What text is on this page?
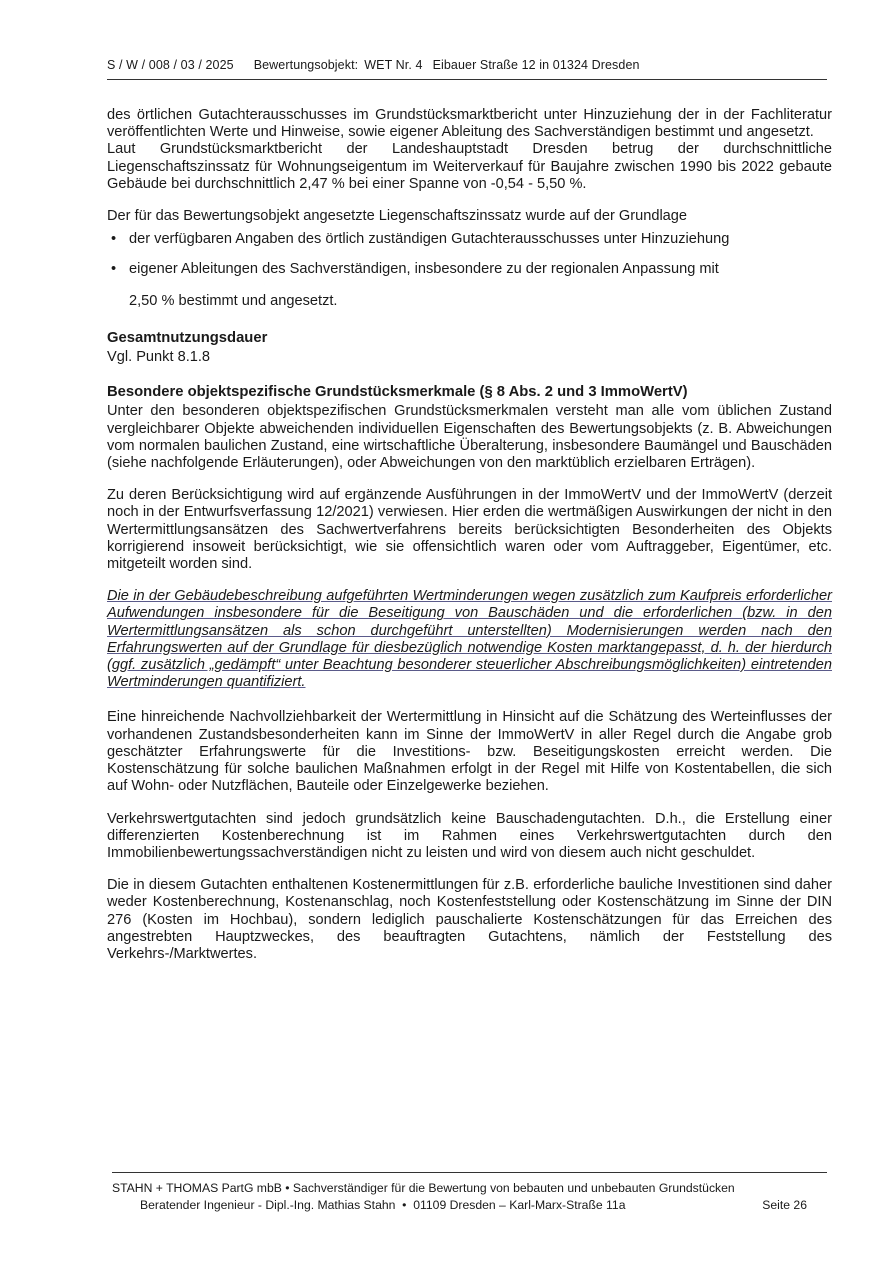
S / W / 008 / 03 / 2025 Bewertungsobjekt: WET Nr. 4 Eibauer Straße 12 in 01324 Dresden

des örtlichen Gutachterausschusses im Grundstücksmarktbericht unter Hinzuziehung der in der Fachliteratur veröffentlichten Werte und Hinweise, sowie eigener Ableitung des Sachverständigen bestimmt und angesetzt.

Laut Grundstücksmarktbericht der Landeshauptstadt Dresden betrug der durchschnittliche Liegenschaftszinssatz für Wohnungseigentum im Weiterverkauf für Baujahre zwischen 1990 bis 2022 gebaute Gebäude bei durchschnittlich 2,47 % bei einer Spanne von -0,54 - 5,50 %.

Der für das Bewertungsobjekt angesetzte Liegenschaftszinssatz wurde auf der Grundlage

• der verfügbaren Angaben des örtlich zuständigen Gutachterausschusses unter Hinzuziehung
• eigener Ableitungen des Sachverständigen, insbesondere zu der regionalen Anpassung mit

2,50 % bestimmt und angesetzt.

Gesamtnutzungsdauer

Vgl. Punkt 8.1.8

Besondere objektspezifische Grundstücksmerkmale (§ 8 Abs. 2 und 3 ImmoWertV)

Unter den besonderen objektspezifischen Grundstücksmerkmalen versteht man alle vom üblichen Zustand vergleichbarer Objekte abweichenden individuellen Eigenschaften des Bewertungsobjekts (z. B. Abweichungen vom normalen baulichen Zustand, eine wirtschaftliche Überalterung, insbesondere Baumängel und Bauschäden (siehe nachfolgende Erläuterungen), oder Abweichungen von den marktüblich erzielbaren Erträgen).

Zu deren Berücksichtigung wird auf ergänzende Ausführungen in der ImmoWertV und der ImmoWertV (derzeit noch in der Entwurfsverfassung 12/2021) verwiesen. Hier erden die wertmäßigen Auswirkungen der nicht in den Wertermittlungsansätzen des Sachwertverfahrens bereits berücksichtigten Besonderheiten des Objekts korrigierend insoweit berücksichtigt, wie sie offensichtlich waren oder vom Auftraggeber, Eigentümer, etc. mitgeteilt worden sind.

Die in der Gebäudebeschreibung aufgeführten Wertminderungen wegen zusätzlich zum Kaufpreis erforderlicher Aufwendungen insbesondere für die Beseitigung von Bauschäden und die erforderlichen (bzw. in den Wertermittlungsansätzen als schon durchgeführt unterstellten) Modernisierungen werden nach den Erfahrungswerten auf der Grundlage für diesbezüglich notwendige Kosten marktangepasst, d. h. der hierdurch (ggf. zusätzlich „gedämpft“ unter Beachtung besonderer steuerlicher Abschreibungsmöglichkeiten) eintretenden Wertminderungen quantifiziert.

Eine hinreichende Nachvollziehbarkeit der Wertermittlung in Hinsicht auf die Schätzung des Werteinflusses der vorhandenen Zustandsbesonderheiten kann im Sinne der ImmoWertV in aller Regel durch die Angabe grob geschätzter Erfahrungswerte für die Investitions- bzw. Beseitigungskosten erreicht werden. Die Kostenschätzung für solche baulichen Maßnahmen erfolgt in der Regel mit Hilfe von Kostentabellen, die sich auf Wohn- oder Nutzflächen, Bauteile oder Einzelgewerke beziehen.

Verkehrswertgutachten sind jedoch grundsätzlich keine Bauschadengutachten. D.h., die Erstellung einer differenzierten Kostenberechnung ist im Rahmen eines Verkehrswertgutachten durch den Immobilienbewertungssachverständigen nicht zu leisten und wird von diesem auch nicht geschuldet.

Die in diesem Gutachten enthaltenen Kostenermittlungen für z.B. erforderliche bauliche Investitionen sind daher weder Kostenberechnung, Kostenanschlag, noch Kostenfeststellung oder Kostenschätzung im Sinne der DIN 276 (Kosten im Hochbau), sondern lediglich pauschalierte Kostenschätzungen für das Erreichen des angestrebten Hauptzweckes, des beauftragten Gutachtens, nämlich der Feststellung des Verkehrs-/Marktwertes.

STAHN + THOMAS PartG mbB • Sachverständiger für die Bewertung von bebauten und unbebauten Grundstücken
Beratender Ingenieur - Dipl.-Ing. Mathias Stahn  •  01109 Dresden – Karl-Marx-Straße 11a	Seite 26
